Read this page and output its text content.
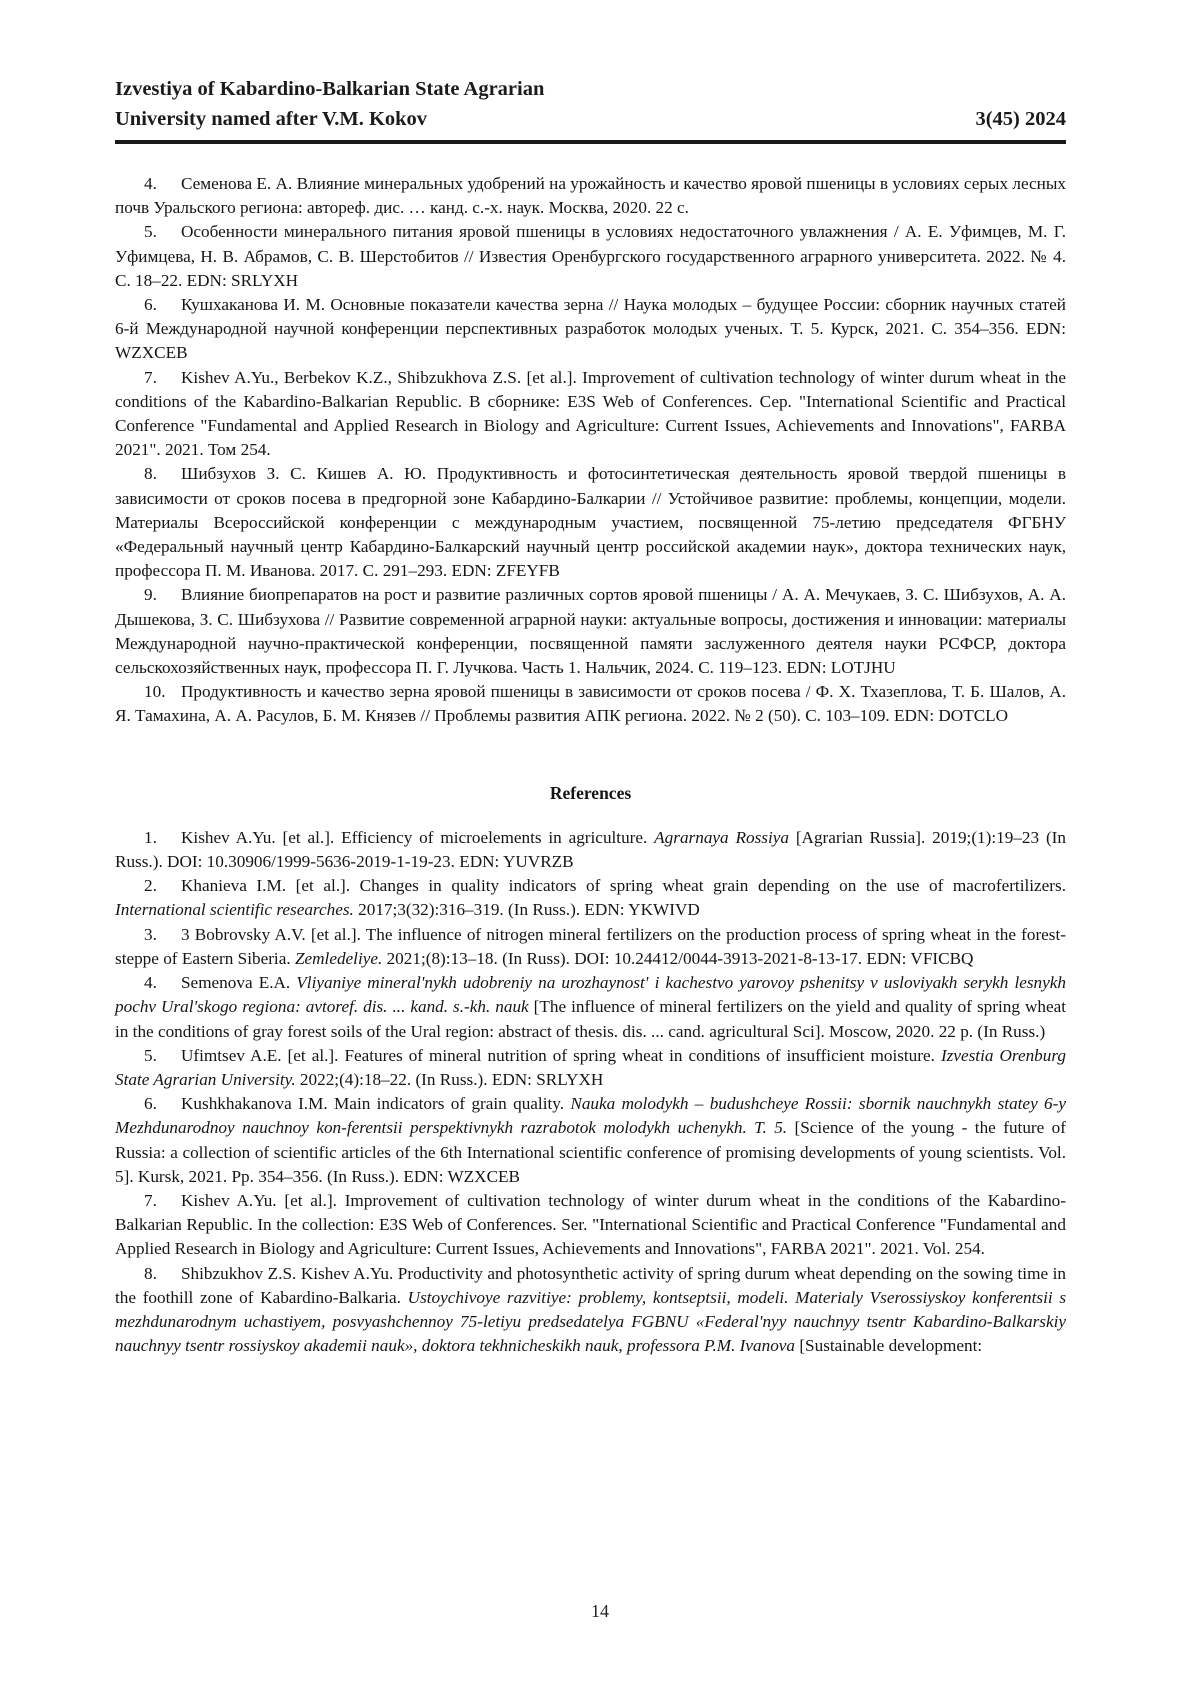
Izvestiya of Kabardino-Balkarian State Agrarian
University named after V.M. Kokov	3(45) 2024

4. Семенова Е. А. Влияние минеральных удобрений на урожайность и качество яровой пшеницы в условиях серых лесных почв Уральского региона: автореф. дис. … канд. с.-х. наук. Москва, 2020. 22 с.

5. Особенности минерального питания яровой пшеницы в условиях недостаточного увлажнения / А. Е. Уфимцев, М. Г. Уфимцева, Н. В. Абрамов, С. В. Шерстобитов // Известия Оренбургского государственного аграрного университета. 2022. № 4. С. 18–22. EDN: SRLYXH

6. Кушхаканова И. М. Основные показатели качества зерна // Наука молодых – будущее России: сборник научных статей 6-й Международной научной конференции перспективных разработок молодых ученых. Т. 5. Курск, 2021. С. 354–356. EDN: WZXCEB

7. Kishev A.Yu., Berbekov K.Z., Shibzukhova Z.S. [et al.]. Improvement of cultivation technology of winter durum wheat in the conditions of the Kabardino-Balkarian Republic. В сборнике: E3S Web of Conferences. Сер. "International Scientific and Practical Conference "Fundamental and Applied Research in Biology and Agriculture: Current Issues, Achievements and Innovations", FARBA 2021". 2021. Том 254.

8. Шибзухов З. С. Кишев А. Ю. Продуктивность и фотосинтетическая деятельность яровой твердой пшеницы в зависимости от сроков посева в предгорной зоне Кабардино-Балкарии // Устойчивое развитие: проблемы, концепции, модели. Материалы Всероссийской конференции с международным участием, посвященной 75-летию председателя ФГБНУ «Федеральный научный центр Кабардино-Балкарский научный центр российской академии наук», доктора технических наук, профессора П. М. Иванова. 2017. С. 291–293. EDN: ZFEYFB

9. Влияние биопрепаратов на рост и развитие различных сортов яровой пшеницы / А. А. Мечукаев, З. С. Шибзухов, А. А. Дышекова, З. С. Шибзухова // Развитие современной аграрной науки: актуальные вопросы, достижения и инновации: материалы Международной научно-практической конференции, посвященной памяти заслуженного деятеля науки РСФСР, доктора сельскохозяйственных наук, профессора П. Г. Лучкова. Часть 1. Нальчик, 2024. С. 119–123. EDN: LOTJHU

10. Продуктивность и качество зерна яровой пшеницы в зависимости от сроков посева / Ф. Х. Тхазеплова, Т. Б. Шалов, А. Я. Тамахина, А. А. Расулов, Б. М. Князев // Проблемы развития АПК региона. 2022. № 2 (50). С. 103–109. EDN: DOTCLO

References

1. Kishev A.Yu. [et al.]. Efficiency of microelements in agriculture. Agrarnaya Rossiya [Agrarian Russia]. 2019;(1):19–23 (In Russ.). DOI: 10.30906/1999-5636-2019-1-19-23. EDN: YUVRZB

2. Khanieva I.M. [et al.]. Changes in quality indicators of spring wheat grain depending on the use of macrofertilizers. International scientific researches. 2017;3(32):316–319. (In Russ.). EDN: YKWIVD

3. 3 Bobrovsky A.V. [et al.]. The influence of nitrogen mineral fertilizers on the production process of spring wheat in the forest-steppe of Eastern Siberia. Zemledeliye. 2021;(8):13–18. (In Russ). DOI: 10.24412/0044-3913-2021-8-13-17. EDN: VFICBQ

4. Semenova E.A. Vliyaniye mineral'nykh udobreniy na urozhaynost' i kachestvo yarovoy pshenitsy v usloviyakh serykh lesnykh pochv Ural'skogo regiona: avtoref. dis. ... kand. s.-kh. nauk [The influence of mineral fertilizers on the yield and quality of spring wheat in the conditions of gray forest soils of the Ural region: abstract of thesis. dis. ... cand. agricultural Sci]. Moscow, 2020. 22 p. (In Russ.)

5. Ufimtsev A.E. [et al.]. Features of mineral nutrition of spring wheat in conditions of insufficient moisture. Izvestia Orenburg State Agrarian University. 2022;(4):18–22. (In Russ.). EDN: SRLYXH

6. Kushkhakanova I.M. Main indicators of grain quality. Nauka molodykh – budushcheye Rossii: sbornik nauchnykh statey 6-y Mezhdunarodnoy nauchnoy kon-ferentsii perspektivnykh razrabotok molodykh uchenykh. T. 5. [Science of the young - the future of Russia: a collection of scientific articles of the 6th International scientific conference of promising developments of young scientists. Vol. 5]. Kursk, 2021. Pp. 354–356. (In Russ.). EDN: WZXCEB

7. Kishev A.Yu. [et al.]. Improvement of cultivation technology of winter durum wheat in the conditions of the Kabardino-Balkarian Republic. In the collection: E3S Web of Conferences. Ser. "International Scientific and Practical Conference "Fundamental and Applied Research in Biology and Agriculture: Current Issues, Achievements and Innovations", FARBA 2021". 2021. Vol. 254.

8. Shibzukhov Z.S. Kishev A.Yu. Productivity and photosynthetic activity of spring durum wheat depending on the sowing time in the foothill zone of Kabardino-Balkaria. Ustoychivoye razvitiye: problemy, kontseptsii, modeli. Materialy Vserossiyskoy konferentsii s mezhdunarodnym uchastiyem, posvyashchennoy 75-letiyu predsedatelya FGBNU «Federal'nyy nauchnyy tsentr Kabardino-Balkarskiy nauchnyy tsentr rossiyskoy akademii nauk», doktora tekhnicheskikh nauk, professora P.M. Ivanova [Sustainable development:

14
